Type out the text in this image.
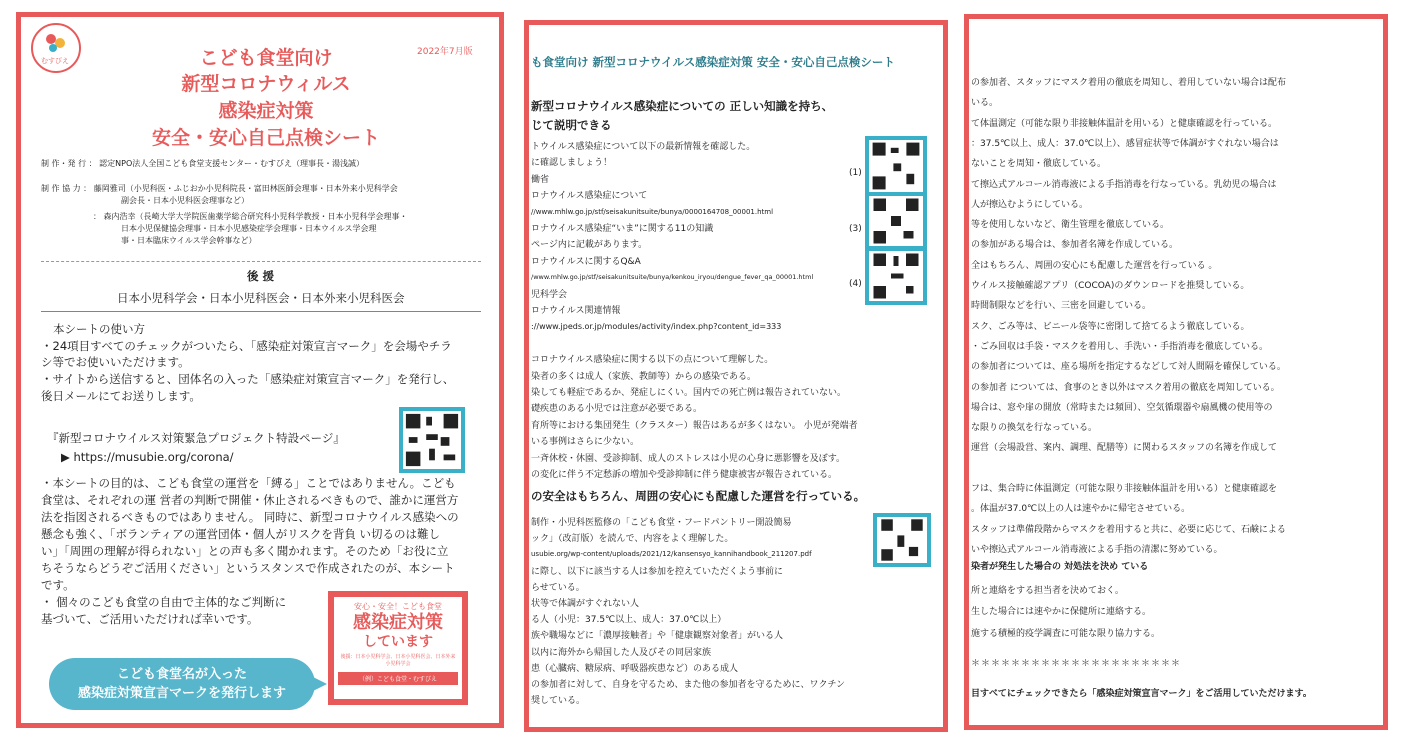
むすびえ
2022年7月版
こども食堂向け
新型コロナウィルス
感染症対策
安全・安心自己点検シート
制 作・発 行 ： 認定NPO法人全国こども食堂支援センター・むすびえ（理事長・湯浅誠）
制 作 協 力 ： 藤岡雅司（小児科医・ふじおか小児科院長・富田林医師会理事・日本外来小児科学会
副会長・日本小児科医会理事など）
： 森内浩幸（長崎大学大学院医歯薬学総合研究科小児科学教授・日本小児科学会理事・
日本小児保健協会理事・日本小児感染症学会理事・日本ウイルス学会理
事・日本臨床ウイルス学会幹事など）
後 援
日本小児科学会・日本小児科医会・日本外来小児科医会
本シートの使い方
・24項目すべてのチェックがついたら、「感染症対策宣言マーク」を会場やチラ
シ等でお使いいただけます。
・サイトから送信すると、団体名の入った「感染症対策宣言マーク」を発行し、
後日メールにてお送りします。
『新型コロナウイルス対策緊急プロジェクト特設ページ』
▶ https://musubie.org/corona/
・本シートの目的は、こども食堂の運営を「縛る」ことではありません。こども
食堂は、それぞれの運 営者の判断で開催・休止されるべきもので、誰かに運営方
法を指図されるべきものではありません。 同時に、新型コロナウイルス感染への
懸念も強く、「ボランティアの運営団体・個人がリスクを背負 い切るのは難し
い」「周囲の理解が得られない」との声も多く聞かれます。そのため「お役に立
ちそうならどうぞご活用ください」というスタンスで作成されたのが、本シート
です。
・ 個々のこども食堂の自由で主体的なご判断に
基づいて、ご活用いただければ幸いです。
こども食堂名が入った
感染症対策宣言マークを発行します
安心・安全！こども食堂
感染症対策
しています
後援：日本小児科学会、日本小児科医会、日本外来小児科学会
（例）こども食堂・むすびえ
も食堂向け 新型コロナウイルス感染症対策 安全・安心自己点検シート
新型コロナウイルス感染症についての 正しい知識を持ち、
じて説明できる
トウイルス感染症について以下の最新情報を確認した。
に確認しましょう！
働省
ロナウイルス感染症について
//www.mhlw.go.jp/stf/seisakunitsuite/bunya/0000164708_00001.html
ロナウイルス感染症“いま”に関する11の知識
ページ内に記載があります。
ロナウイルスに関するQ&A
/www.mhlw.go.jp/stf/seisakunitsuite/bunya/kenkou_iryou/dengue_fever_qa_00001.html
児科学会
ロナウイルス関連情報
://www.jpeds.or.jp/modules/activity/index.php?content_id=333
コロナウイルス感染症に関する以下の点について理解した。
染者の多くは成人（家族、教師等）からの感染である。
染しても軽症であるか、発症しにくい。国内での死亡例は報告されていない。
礎疾患のある小児では注意が必要である。
育所等における集団発生（クラスター）報告はあるが多くはない。 小児が発端者
いる事例はさらに少ない。
一斉休校・休園、受診抑制、成人のストレスは小児の心身に悪影響を及ぼす。
の変化に伴う不定愁訴の増加や受診抑制に伴う健康被害が報告されている。
(1)
(3)
(4)
の安全はもちろん、周囲の安心にも配慮した運営を行っている。
制作・小児科医監修の「こども食堂・フードパントリー開設簡易
ック」（改訂版）を読んで、内容をよく理解した。
usubie.org/wp-content/uploads/2021/12/kansensyo_kannihandbook_211207.pdf
に際し、以下に該当する人は参加を控えていただくよう事前に
らせている。
状等で体調がすぐれない人
る人（小児：37.5℃以上、成人：37.0℃以上）
族や職場などに「濃厚接触者」や「健康観察対象者」がいる人
以内に海外から帰国した人及びその同居家族
患（心臓病、糖尿病、呼吸器疾患など）のある成人
の参加者に対して、自身を守るため、また他の参加者を守るために、ワクチン
奨している。
の参加者、スタッフにマスク着用の徹底を周知し、着用していない場合は配布
いる。
て体温測定（可能な限り非接触体温計を用いる）と健康確認を行っている。
：37.5℃以上、成人：37.0℃以上）、感冒症状等で体調がすぐれない場合は
ないことを周知・徹底している。
て擦込式アルコール消毒液による手指消毒を行なっている。乳幼児の場合は
人が擦込むようにしている。
等を使用しないなど、衛生管理を徹底している。
の参加がある場合は、参加者名簿を作成している。
全はもちろん、周囲の安心にも配慮した運営を行っている 。
ウイルス接触確認アプリ（COCOA)のダウンロードを推奨している。
時間制限などを行い、三密を回避している。
スク、ごみ等は、ビニール袋等に密閉して捨てるよう徹底している。
・ごみ回収は手袋・マスクを着用し、手洗い・手指消毒を徹底している。
の参加者については、座る場所を指定するなどして対人間隔を確保している。
の参加者 については、食事のとき以外はマスク着用の徹底を周知している。
場合は、窓や扉の開放（常時または頻回）、空気循環器や扇風機の使用等の
な限りの換気を行なっている。
運営（会場設営、案内、調理、配膳等）に関わるスタッフの名簿を作成して
フは、集合時に体温測定（可能な限り非接触体温計を用いる）と健康確認を
。体温が37.0℃以上の人は速やかに帰宅させている。
スタッフは準備段階からマスクを着用すると共に、必要に応じて、石鹸による
いや擦込式アルコール消毒液による手指の清潔に努めている。
染者が発生した場合の 対処法を決め ている
所と連絡をする担当者を決めておく。
生した場合には速やかに保健所に連絡する。
施する積極的疫学調査に可能な限り協力する。
＊＊＊＊＊＊＊＊＊＊＊＊＊＊＊＊＊＊＊＊＊
目すべてにチェックできたら「感染症対策宣言マーク」をご活用していただけます。
